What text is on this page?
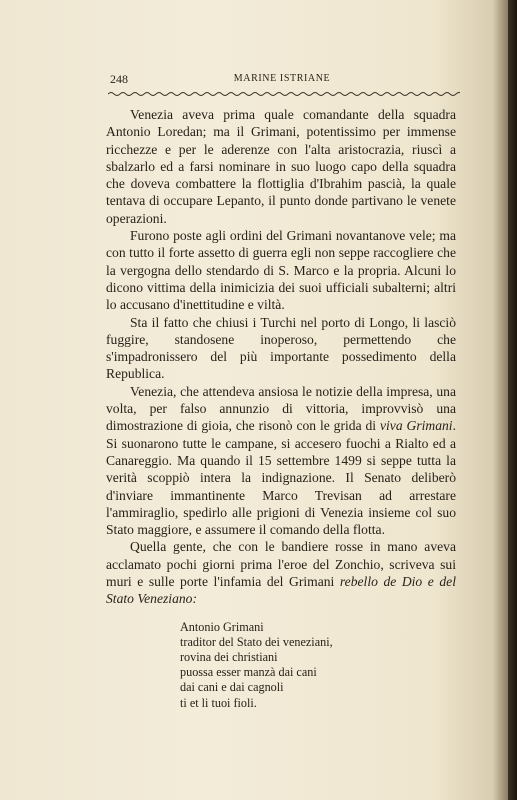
248	MARINE ISTRIANE

Venezia aveva prima quale comandante della squadra Antonio Loredan; ma il Grimani, potentissimo per immense ricchezze e per le aderenze con l'alta aristocrazia, riuscì a sbalzarlo ed a farsi nominare in suo luogo capo della squadra che doveva combattere la flottiglia d'Ibrahim pascià, la quale tentava di occupare Lepanto, il punto donde partivano le venete operazioni.

Furono poste agli ordini del Grimani novantanove vele; ma con tutto il forte assetto di guerra egli non seppe raccogliere che la vergogna dello stendardo di S. Marco e la propria. Alcuni lo dicono vittima della inimicizia dei suoi ufficiali subalterni; altri lo accusano d'inettitudine e viltà.

Sta il fatto che chiusi i Turchi nel porto di Longo, li lasciò fuggire, standosene inoperoso, permettendo che s'impadronissero del più importante possedimento della Republica.

Venezia, che attendeva ansiosa le notizie della impresa, una volta, per falso annunzio di vittoria, improvvisò una dimostrazione di gioia, che risonò con le grida di viva Grimani. Si suonarono tutte le campane, si accesero fuochi a Rialto ed a Canareggio. Ma quando il 15 settembre 1499 si seppe tutta la verità scoppiò intera la indignazione. Il Senato deliberò d'inviare immantinente Marco Trevisan ad arrestare l'ammiraglio, spedirlo alle prigioni di Venezia insieme col suo Stato maggiore, e assumere il comando della flotta.

Quella gente, che con le bandiere rosse in mano aveva acclamato pochi giorni prima l'eroe del Zonchio, scriveva sui muri e sulle porte l'infamia del Grimani rebello de Dio e del Stato Veneziano:

Antonio Grimani
traditor del Stato dei veneziani,
rovina dei christiani
puossa esser manzà dai cani
dai cani e dai cagnoli
ti et li tuoi fioli.
